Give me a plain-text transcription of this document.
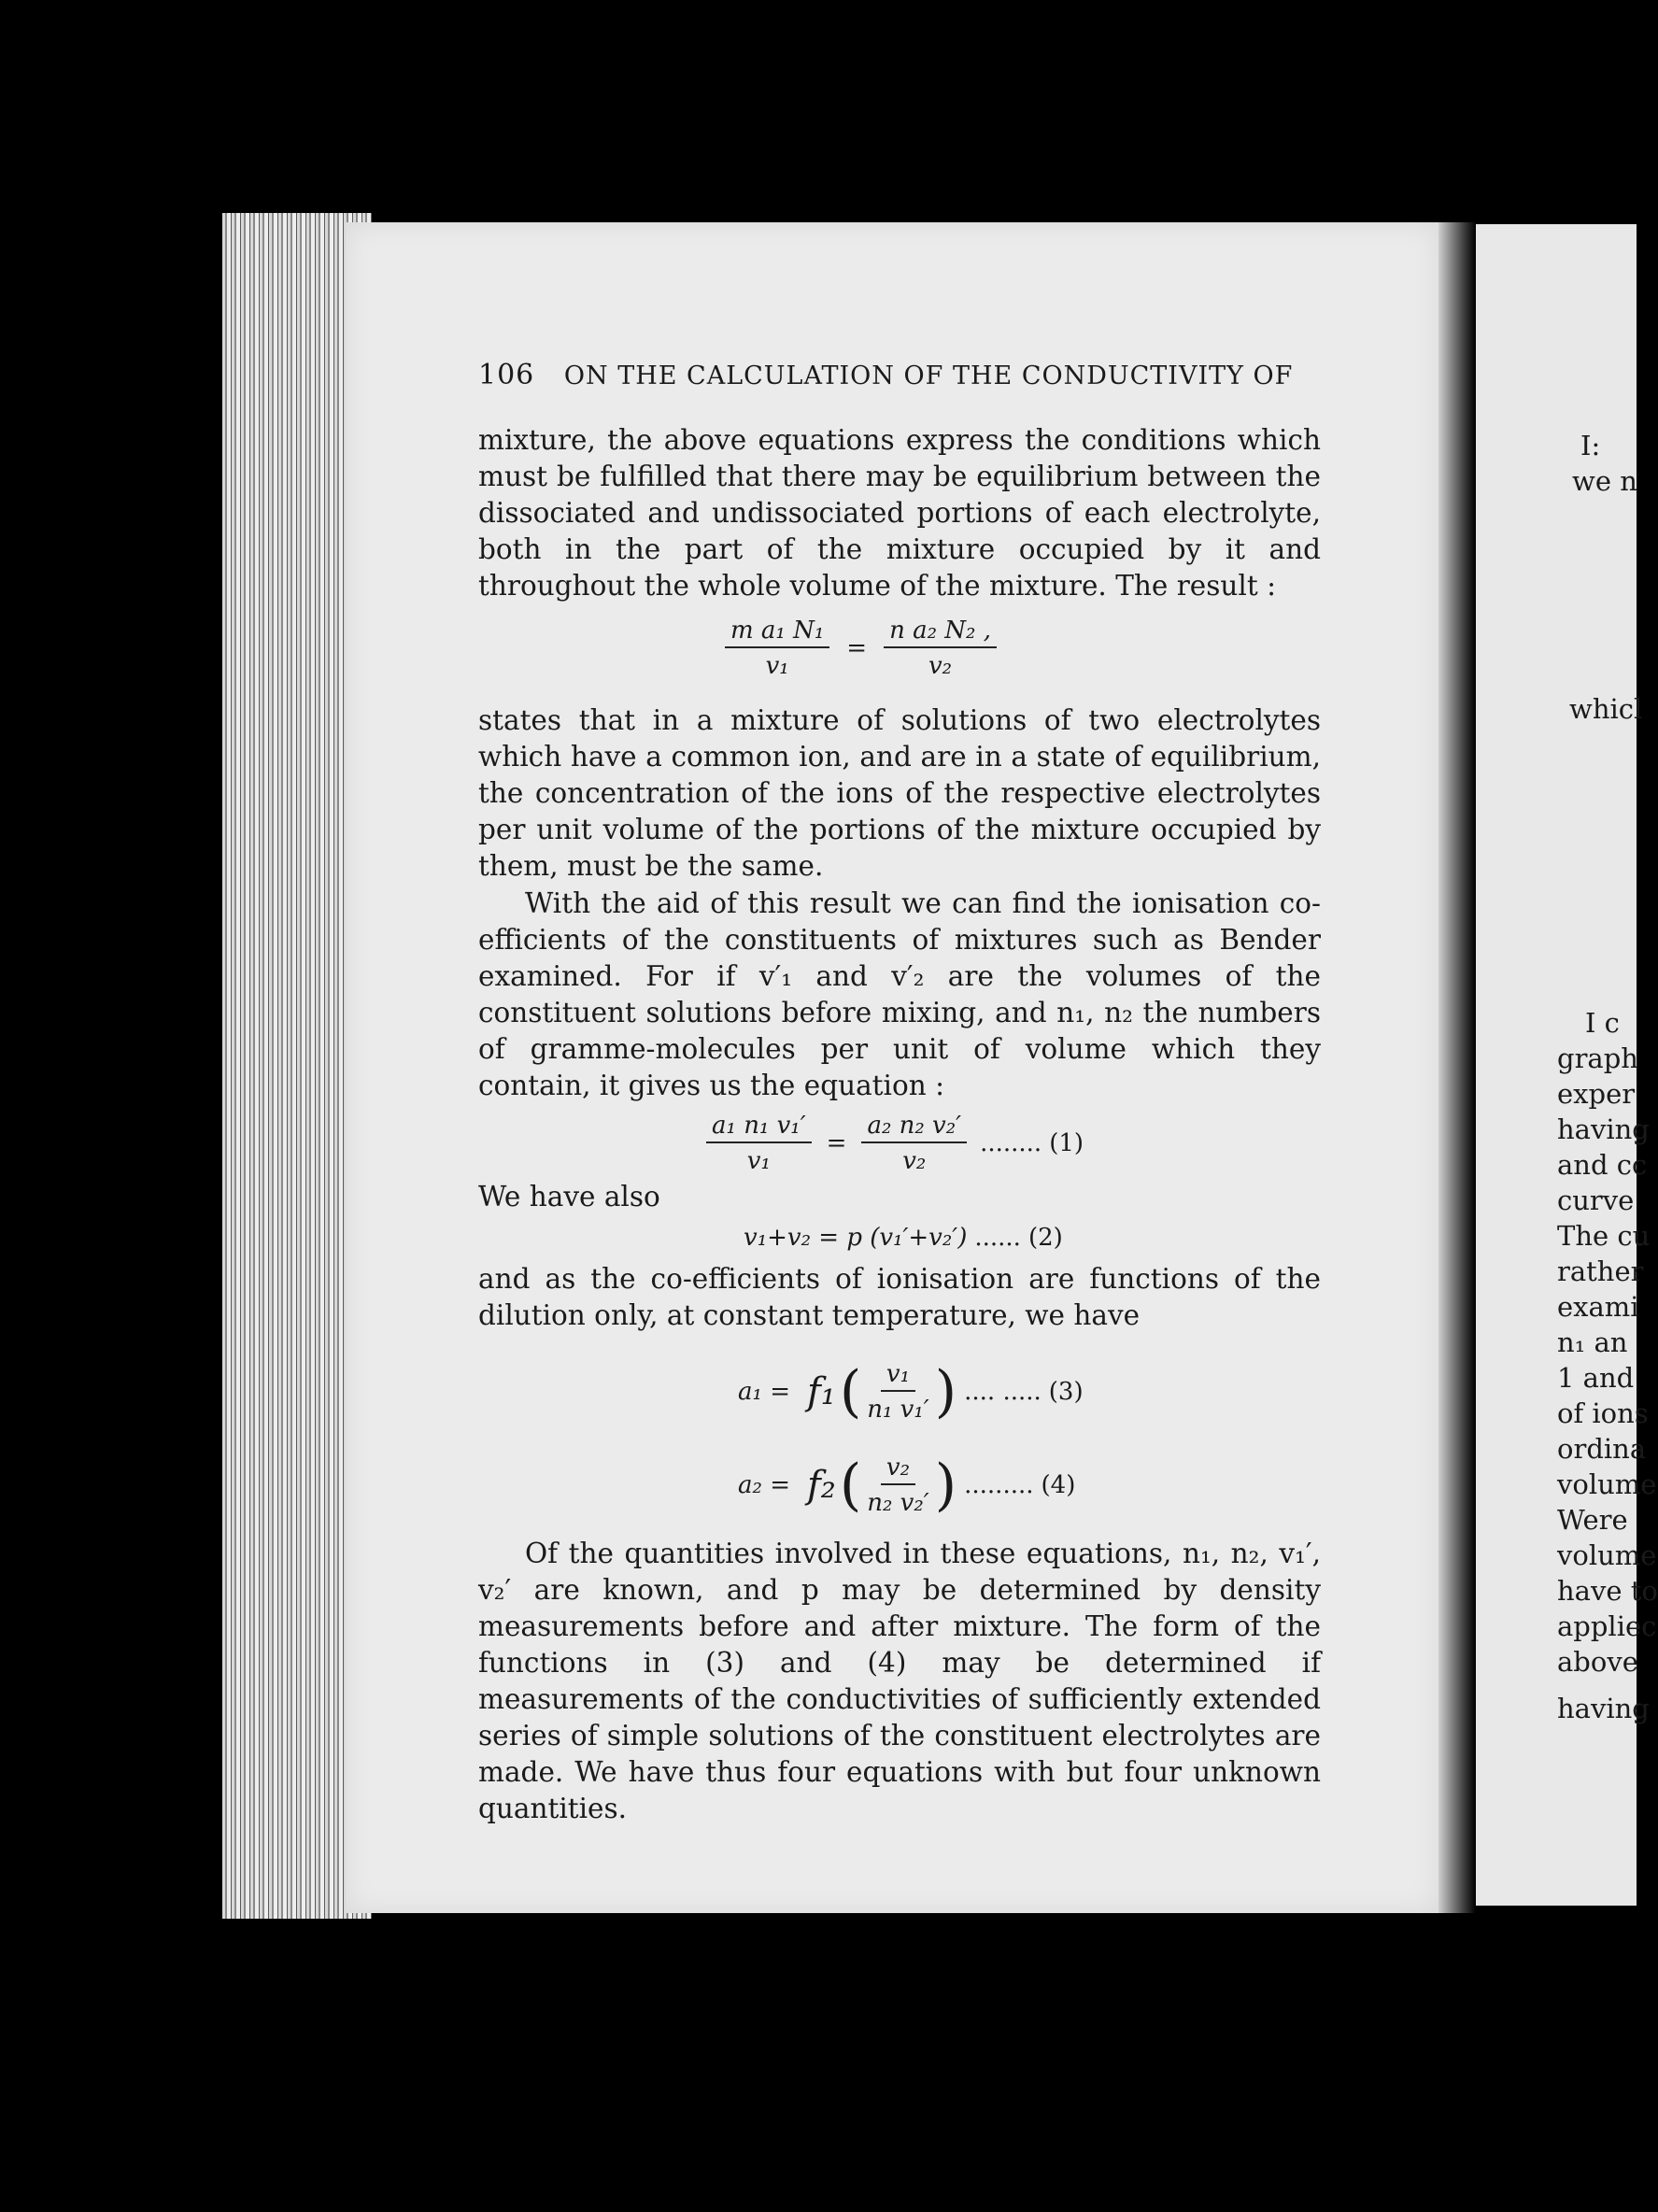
I:
we n
whicl
I c
graph
exper
having
and cc
curve
The cu
rather
exami
n₁ an
1 and
of ions
ordina
volume
Were
volume
have to
appliec
above
having
106 ON THE CALCULATION OF THE CONDUCTIVITY OF
mixture, the above equations express the conditions which must be fulfilled that there may be equilibrium between the dissociated and undissociated portions of each electrolyte, both in the part of the mixture occupied by it and throughout the whole volume of the mixture. The result :
$\frac{\text{m a₁ N₁}}{\text{v₁}} = \frac{\text{n a₂ N₂ ,}}{\text{v₂}}$
states that in a mixture of solutions of two electrolytes which have a common ion, and are in a state of equilibrium, the concentration of the ions of the respective electrolytes per unit volume of the portions of the mixture occupied by them, must be the same.
With the aid of this result we can find the ionisation co-efficients of the constituents of mixtures such as Bender examined. For if v′₁ and v′₂ are the volumes of the constituent solutions before mixing, and n₁, n₂ the numbers of gramme-molecules per unit of volume which they contain, it gives us the equation :
$\frac{\text{a₁ n₁ v₁′}}{\text{v₁}} = \frac{\text{a₂ n₂ v₂′}}{\text{v₂}}$ ........ (1)
We have also
v₁+v₂ = p (v₁′+v₂′) ...... (2)
and as the co-efficients of ionisation are functions of the dilution only, at constant temperature, we have
a₁ = f₁ ( $\frac{\text{v₁}}{\text{n₁ v₁′}}$ ) .... ..... (3)
a₂ = f₂ ( $\frac{\text{v₂}}{\text{n₂ v₂′}}$ ) ......... (4)
Of the quantities involved in these equations, n₁, n₂, v₁′, v₂′ are known, and p may be determined by density measurements before and after mixture. The form of the functions in (3) and (4) may be determined if measurements of the conductivities of sufficiently extended series of simple solutions of the constituent electrolytes are made. We have thus four equations with but four unknown quantities.
